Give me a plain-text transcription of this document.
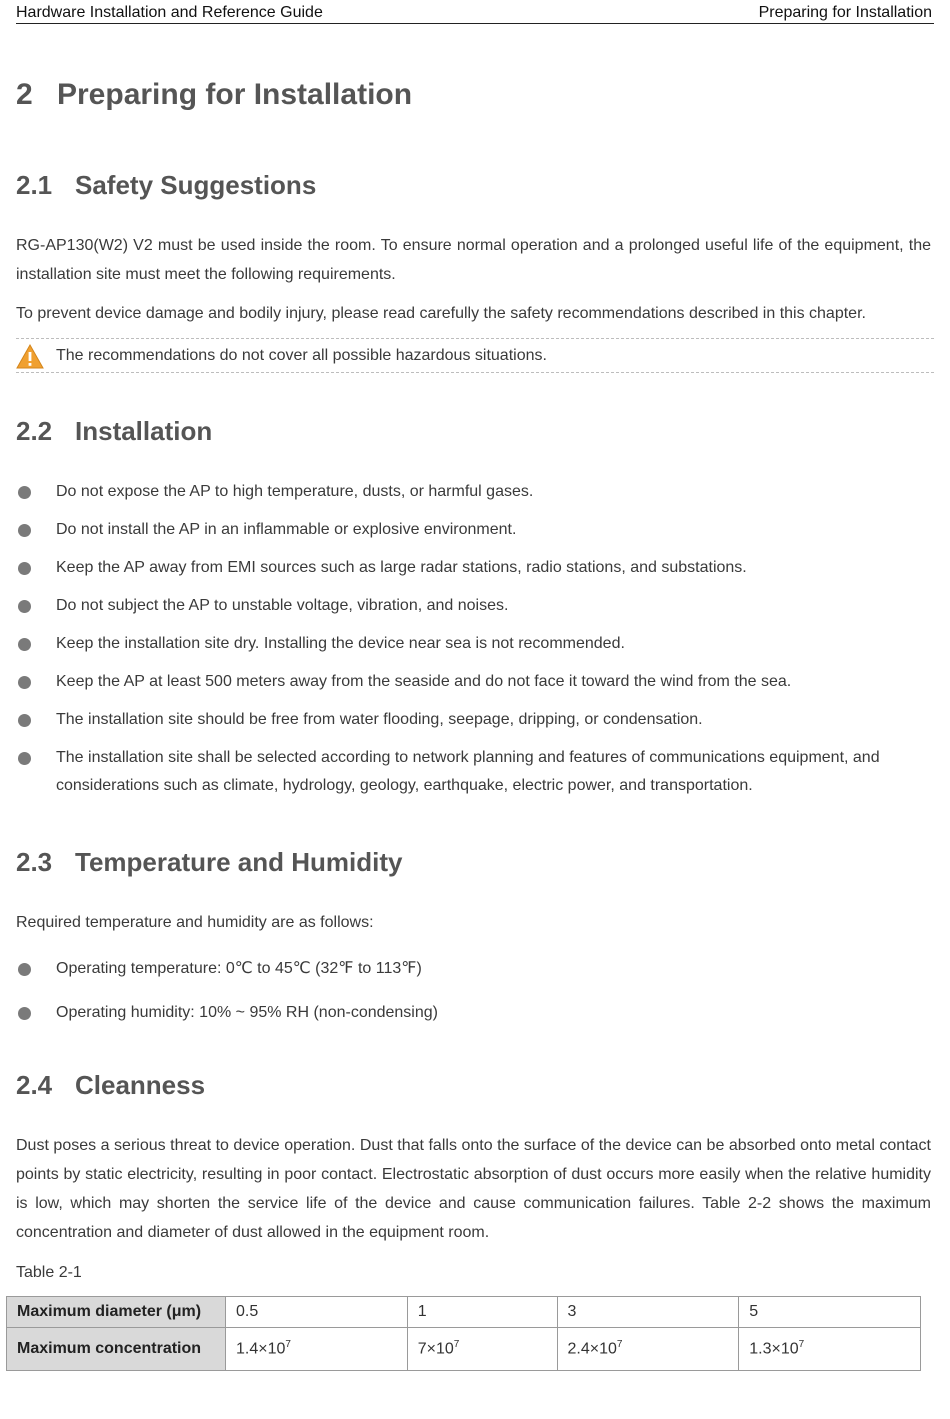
Hardware Installation and Reference Guide	Preparing for Installation
2 Preparing for Installation
2.1 Safety Suggestions

RG-AP130(W2) V2 must be used inside the room. To ensure normal operation and a prolonged useful life of the equipment, the installation site must meet the following requirements.

To prevent device damage and bodily injury, please read carefully the safety recommendations described in this chapter.

The recommendations do not cover all possible hazardous situations.
2.2 Installation
Do not expose the AP to high temperature, dusts, or harmful gases.
Do not install the AP in an inflammable or explosive environment.
Keep the AP away from EMI sources such as large radar stations, radio stations, and substations.
Do not subject the AP to unstable voltage, vibration, and noises.
Keep the installation site dry. Installing the device near sea is not recommended.
Keep the AP at least 500 meters away from the seaside and do not face it toward the wind from the sea.
The installation site should be free from water flooding, seepage, dripping, or condensation.
The installation site shall be selected according to network planning and features of communications equipment, and considerations such as climate, hydrology, geology, earthquake, electric power, and transportation.
2.3 Temperature and Humidity

Required temperature and humidity are as follows:

Operating temperature: 0℃ to 45℃ (32℉ to 113℉)
Operating humidity: 10% ~ 95% RH (non-condensing)
2.4 Cleanness

Dust poses a serious threat to device operation. Dust that falls onto the surface of the device can be absorbed onto metal contact points by static electricity, resulting in poor contact. Electrostatic absorption of dust occurs more easily when the relative humidity is low, which may shorten the service life of the device and cause communication failures. Table 2-2 shows the maximum concentration and diameter of dust allowed in the equipment room.

Table 2-1

Maximum diameter (μm)	0.5	1	3	5
Maximum concentration	$1.4\times 10^7$	$7\times 10^7$	$2.4\times 10^7$	$1.3\times 10^7$
